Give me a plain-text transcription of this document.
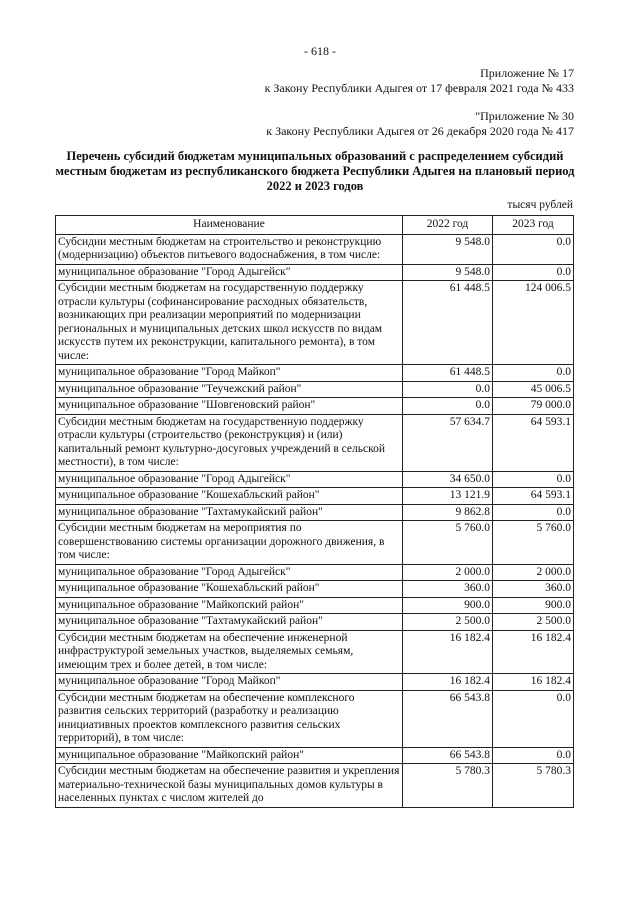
- 618 -
Приложение № 17
к Закону Республики Адыгея от 17 февраля 2021 года № 433
"Приложение № 30
к Закону Республики Адыгея от 26 декабря 2020 года № 417
Перечень субсидий бюджетам муниципальных образований с распределением субсидий местным бюджетам из республиканского бюджета Республики Адыгея на плановый период 2022 и 2023 годов
тысяч рублей
Наименование	2022 год	2023 год
Субсидии местным бюджетам на строительство и реконструкцию (модернизацию) объектов питьевого водоснабжения, в том числе:	9 548.0	0.0
муниципальное образование "Город Адыгейск"	9 548.0	0.0
Субсидии местным бюджетам на государственную поддержку отрасли культуры (софинансирование расходных обязательств, возникающих при реализации мероприятий по модернизации региональных и муниципальных детских школ искусств по видам искусств путем их реконструкции, капитального ремонта), в том числе:	61 448.5	124 006.5
муниципальное образование "Город Майкоп"	61 448.5	0.0
муниципальное образование "Теучежский район"	0.0	45 006.5
муниципальное образование "Шовгеновский район"	0.0	79 000.0
Субсидии местным бюджетам на государственную поддержку отрасли культуры (строительство (реконструкция) и (или) капитальный ремонт культурно-досуговых учреждений в сельской местности), в том числе:	57 634.7	64 593.1
муниципальное образование "Город Адыгейск"	34 650.0	0.0
муниципальное образование "Кошехабльский район"	13 121.9	64 593.1
муниципальное образование "Тахтамукайский район"	9 862.8	0.0
Субсидии местным бюджетам на мероприятия по совершенствованию системы организации дорожного движения, в том числе:	5 760.0	5 760.0
муниципальное образование "Город Адыгейск"	2 000.0	2 000.0
муниципальное образование "Кошехабльский район"	360.0	360.0
муниципальное образование "Майкопский район"	900.0	900.0
муниципальное образование "Тахтамукайский район"	2 500.0	2 500.0
Субсидии местным бюджетам на обеспечение инженерной инфраструктурой земельных участков, выделяемых семьям, имеющим трех и более детей, в том числе:	16 182.4	16 182.4
муниципальное образование "Город Майкоп"	16 182.4	16 182.4
Субсидии местным бюджетам на обеспечение комплексного развития сельских территорий (разработку и реализацию инициативных проектов комплексного развития сельских территорий), в том числе:	66 543.8	0.0
муниципальное образование "Майкопский район"	66 543.8	0.0
Субсидии местным бюджетам на обеспечение развития и укрепления материально-технической базы муниципальных домов культуры в населенных пунктах с числом жителей до	5 780.3	5 780.3
